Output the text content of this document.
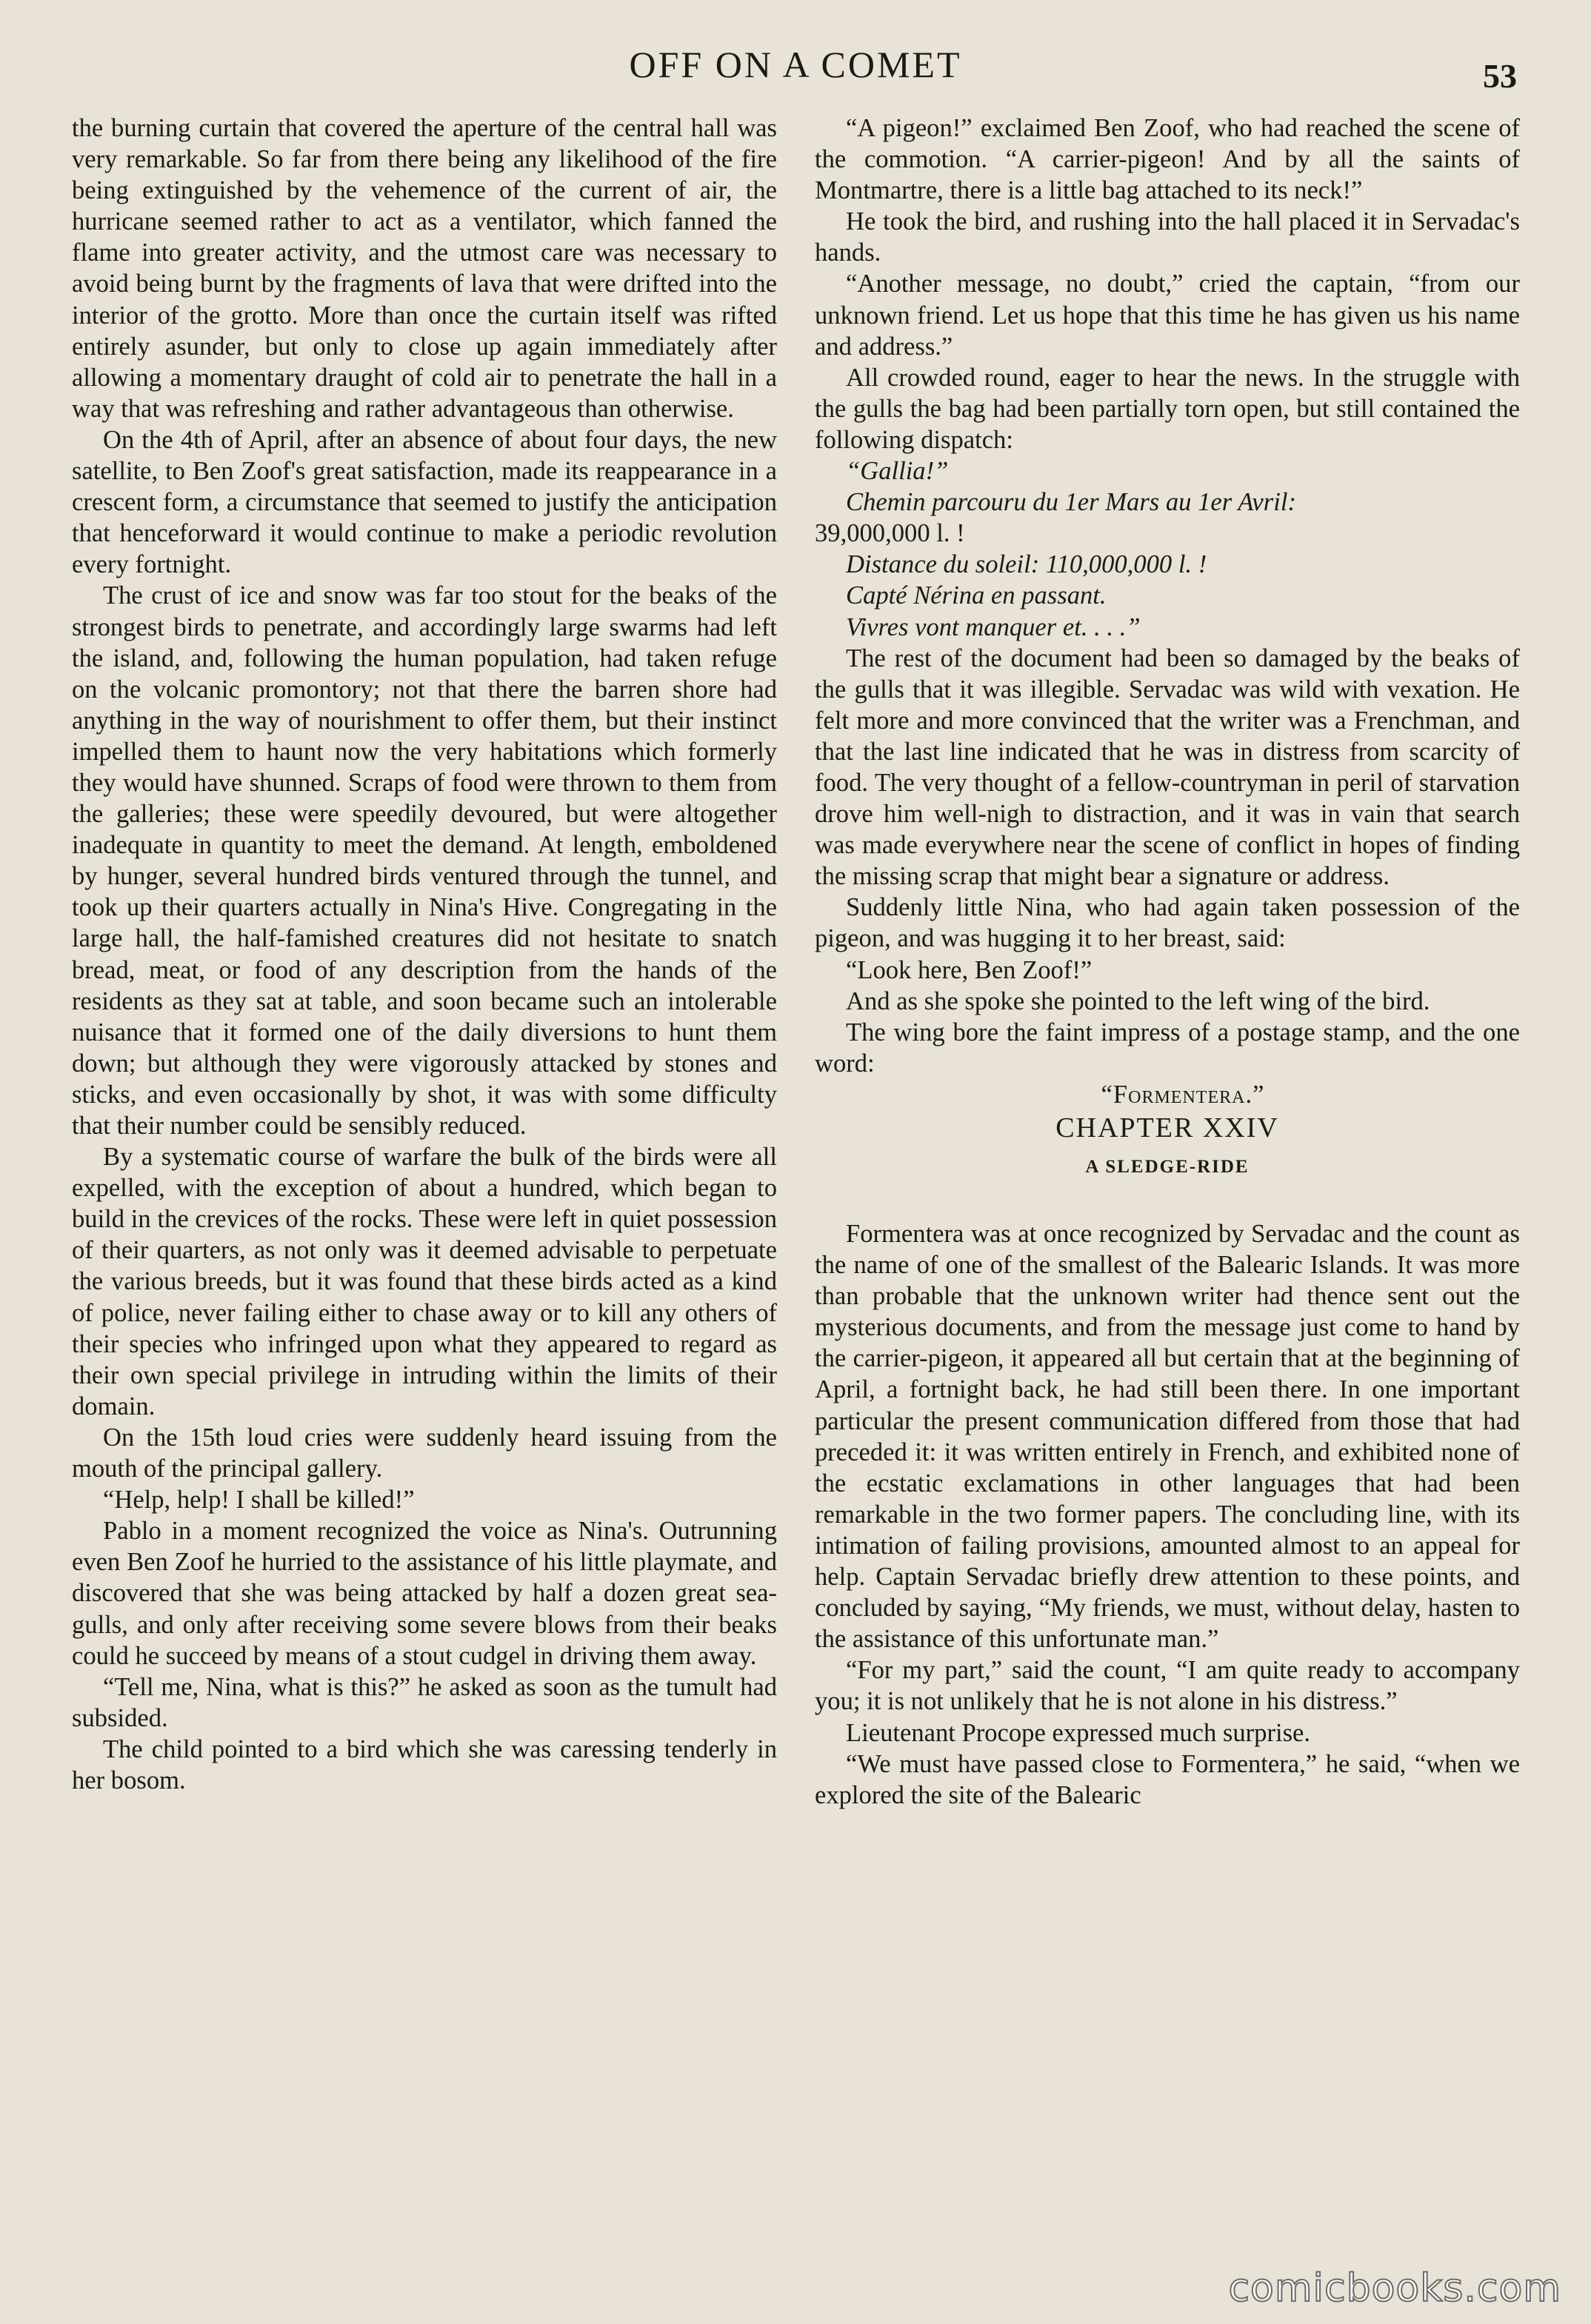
OFF ON A COMET	53

the burning curtain that covered the aperture of the central hall was very remarkable. So far from there being any likelihood of the fire being extinguished by the vehemence of the current of air, the hurricane seemed rather to act as a ventilator, which fanned the flame into greater activity, and the utmost care was necessary to avoid being burnt by the fragments of lava that were drifted into the interior of the grotto. More than once the curtain itself was rifted entirely asunder, but only to close up again immediately after allowing a momentary draught of cold air to penetrate the hall in a way that was refreshing and rather advantageous than otherwise.

On the 4th of April, after an absence of about four days, the new satellite, to Ben Zoof's great satisfaction, made its reappearance in a crescent form, a circumstance that seemed to justify the anticipation that henceforward it would continue to make a periodic revolution every fortnight.

The crust of ice and snow was far too stout for the beaks of the strongest birds to penetrate, and accordingly large swarms had left the island, and, following the human population, had taken refuge on the volcanic promontory; not that there the barren shore had anything in the way of nourishment to offer them, but their instinct impelled them to haunt now the very habitations which formerly they would have shunned. Scraps of food were thrown to them from the galleries; these were speedily devoured, but were altogether inadequate in quantity to meet the demand. At length, emboldened by hunger, several hundred birds ventured through the tunnel, and took up their quarters actually in Nina's Hive. Congregating in the large hall, the half-famished creatures did not hesitate to snatch bread, meat, or food of any description from the hands of the residents as they sat at table, and soon became such an intolerable nuisance that it formed one of the daily diversions to hunt them down; but although they were vigorously attacked by stones and sticks, and even occasionally by shot, it was with some difficulty that their number could be sensibly reduced.

By a systematic course of warfare the bulk of the birds were all expelled, with the exception of about a hundred, which began to build in the crevices of the rocks. These were left in quiet possession of their quarters, as not only was it deemed advisable to perpetuate the various breeds, but it was found that these birds acted as a kind of police, never failing either to chase away or to kill any others of their species who infringed upon what they appeared to regard as their own special privilege in intruding within the limits of their domain.

On the 15th loud cries were suddenly heard issuing from the mouth of the principal gallery.

“Help, help! I shall be killed!”

Pablo in a moment recognized the voice as Nina's. Outrunning even Ben Zoof he hurried to the assistance of his little playmate, and discovered that she was being attacked by half a dozen great sea-gulls, and only after receiving some severe blows from their beaks could he succeed by means of a stout cudgel in driving them away.

“Tell me, Nina, what is this?” he asked as soon as the tumult had subsided.

The child pointed to a bird which she was caressing tenderly in her bosom.

“A pigeon!” exclaimed Ben Zoof, who had reached the scene of the commotion. “A carrier-pigeon! And by all the saints of Montmartre, there is a little bag attached to its neck!”

He took the bird, and rushing into the hall placed it in Servadac's hands.

“Another message, no doubt,” cried the captain, “from our unknown friend. Let us hope that this time he has given us his name and address.”

All crowded round, eager to hear the news. In the struggle with the gulls the bag had been partially torn open, but still contained the following dispatch:

“Gallia!”
Chemin parcouru du 1er Mars au 1er Avril:
39,000,000 l. !
Distance du soleil: 110,000,000 l. !
Capté Nérina en passant.
Vivres vont manquer et. . . .”

The rest of the document had been so damaged by the beaks of the gulls that it was illegible. Servadac was wild with vexation. He felt more and more convinced that the writer was a Frenchman, and that the last line indicated that he was in distress from scarcity of food. The very thought of a fellow-countryman in peril of starvation drove him well-nigh to distraction, and it was in vain that search was made everywhere near the scene of conflict in hopes of finding the missing scrap that might bear a signature or address.

Suddenly little Nina, who had again taken possession of the pigeon, and was hugging it to her breast, said:

“Look here, Ben Zoof!”

And as she spoke she pointed to the left wing of the bird.

The wing bore the faint impress of a postage stamp, and the one word:

“Formentera.”

CHAPTER XXIV
A SLEDGE-RIDE

Formentera was at once recognized by Servadac and the count as the name of one of the smallest of the Balearic Islands. It was more than probable that the unknown writer had thence sent out the mysterious documents, and from the message just come to hand by the carrier-pigeon, it appeared all but certain that at the beginning of April, a fortnight back, he had still been there. In one important particular the present communication differed from those that had preceded it: it was written entirely in French, and exhibited none of the ecstatic exclamations in other languages that had been remarkable in the two former papers. The concluding line, with its intimation of failing provisions, amounted almost to an appeal for help. Captain Servadac briefly drew attention to these points, and concluded by saying, “My friends, we must, without delay, hasten to the assistance of this unfortunate man.”

“For my part,” said the count, “I am quite ready to accompany you; it is not unlikely that he is not alone in his distress.”

Lieutenant Procope expressed much surprise.

“We must have passed close to Formentera,” he said, “when we explored the site of the Balearic

comicbooks.com
